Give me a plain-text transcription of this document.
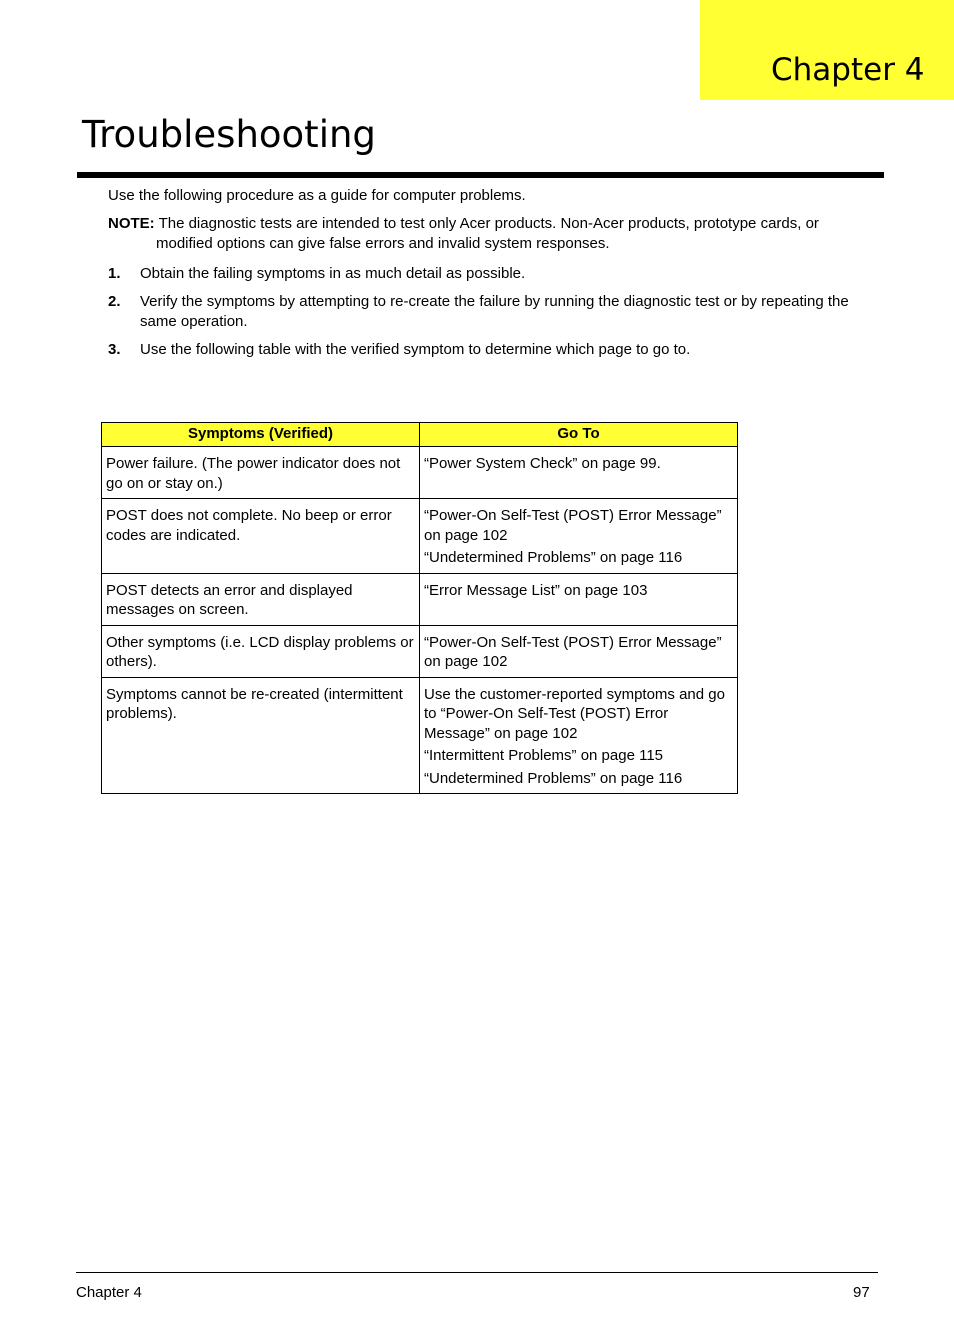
Chapter 4
Troubleshooting

Use the following procedure as a guide for computer problems.

NOTE: The diagnostic tests are intended to test only Acer products. Non-Acer products, prototype cards, or
modified options can give false errors and invalid system responses.

1. Obtain the failing symptoms in as much detail as possible.
2. Verify the symptoms by attempting to re-create the failure by running the diagnostic test or by repeating the same operation.
3. Use the following table with the verified symptom to determine which page to go to.
Symptoms (Verified)	Go To
Power failure. (The power indicator does not go on or stay on.)	“Power System Check” on page 99.

POST does not complete. No beep or error codes are indicated.	“Power-On Self-Test (POST) Error Message” on page 102
“Undetermined Problems” on page 116

POST detects an error and displayed messages on screen.	“Error Message List” on page 103

Other symptoms (i.e. LCD display problems or others).	“Power-On Self-Test (POST) Error Message” on page 102

Symptoms cannot be re-created (intermittent problems).	Use the customer-reported symptoms and go to “Power-On Self-Test (POST) Error Message” on page 102
“Intermittent Problems” on page 115
“Undetermined Problems” on page 116
Chapter 4	97
